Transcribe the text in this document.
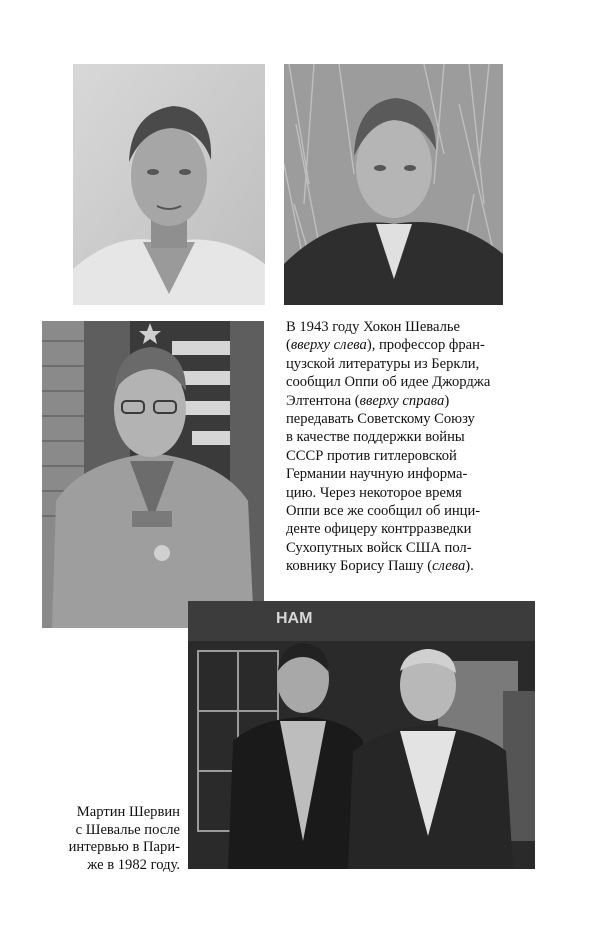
НАМ
В 1943 году Хокон Шевалье
(вверху слева), профессор фран-
цузской литературы из Беркли,
сообщил Оппи об идее Джорджа
Элтентона (вверху справа)
передавать Советскому Союзу
в качестве поддержки войны
СССР против гитлеровской
Германии научную информа-
цию. Через некоторое время
Оппи все же сообщил об инци-
денте офицеру контрразведки
Сухопутных войск США пол-
ковнику Борису Пашу (слева).
Мартин Шервин
с Шевалье после
интервью в Пари-
же в 1982 году.
